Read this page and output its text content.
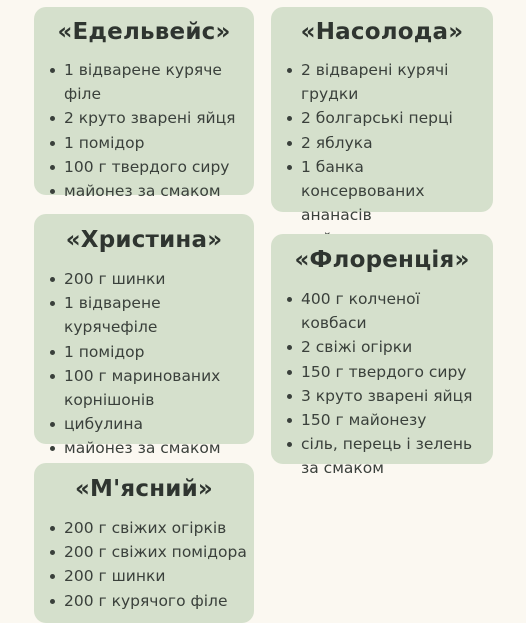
«Едельвейс»
1 відварене куряче філе
2 круто зварені яйця
1 помідор
100 г твердого сиру
майонез за смаком
«Насолода»
2 відварені курячі грудки
2 болгарські перці
2 яблука
1 банка консервованих ананасів
«Христина»
200 г шинки
1 відварене курячефіле
1 помідор
100 г маринованих корнішонів
цибулина
майонез за смаком
«Флоренція»
400 г колченої ковбаси
2 свіжі огірки
150 г твердого сиру
3 круто зварені яйця
150 г майонезу
сіль, перець і зелень за смаком
«М'ясний»
200 г свіжих огірків
200 г свіжих помідора
200 г шинки
200 г курячого філе
